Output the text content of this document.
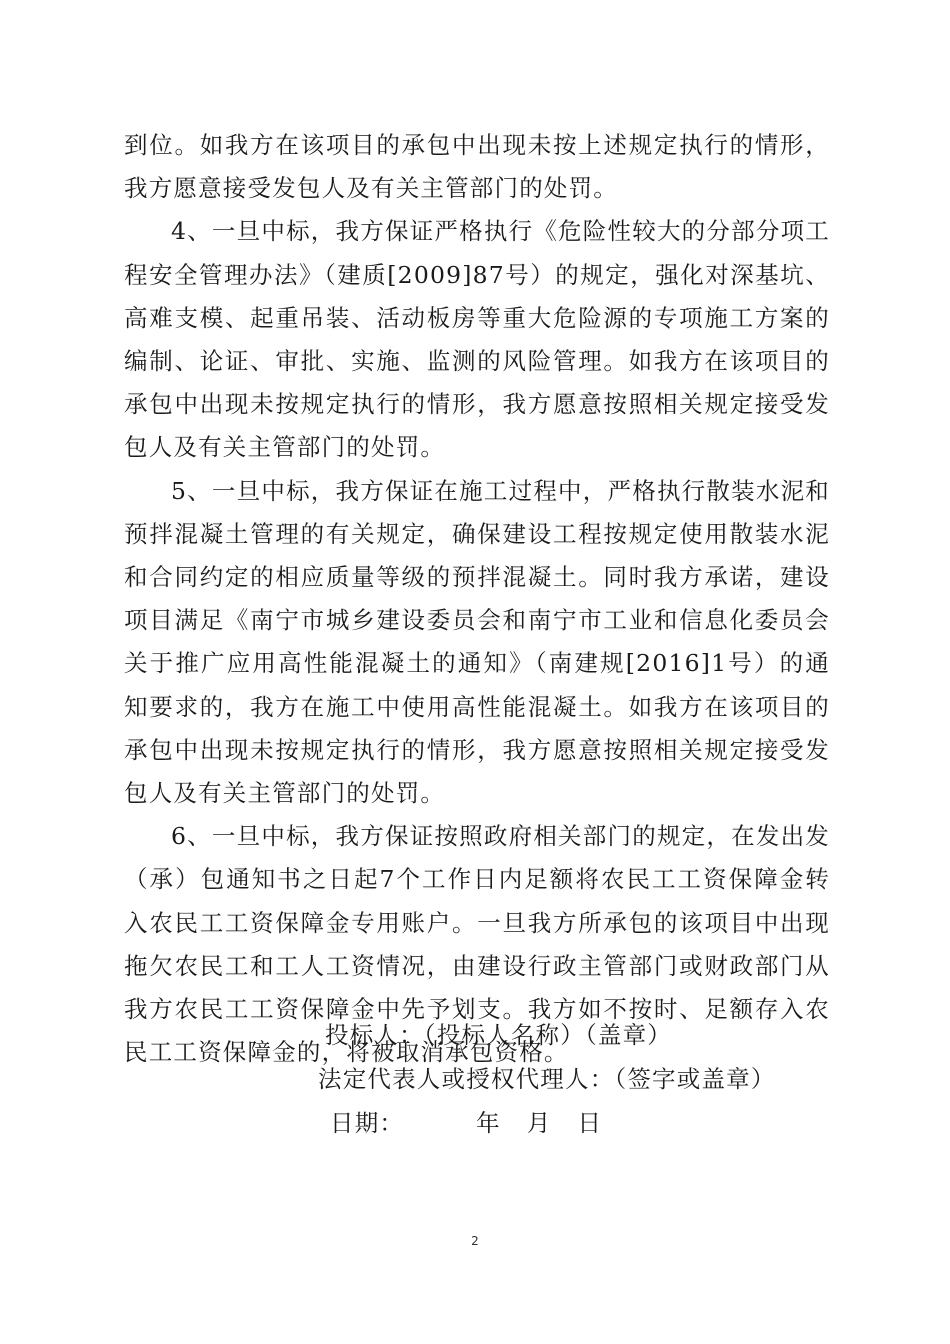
到位。如我方在该项目的承包中出现未按上述规定执行的情形，我方愿意接受发包人及有关主管部门的处罚。

4、一旦中标，我方保证严格执行《危险性较大的分部分项工程安全管理办法》（建质[2009]87号）的规定，强化对深基坑、高难支模、起重吊装、活动板房等重大危险源的专项施工方案的编制、论证、审批、实施、监测的风险管理。如我方在该项目的承包中出现未按规定执行的情形，我方愿意按照相关规定接受发包人及有关主管部门的处罚。

5、一旦中标，我方保证在施工过程中，严格执行散装水泥和预拌混凝土管理的有关规定，确保建设工程按规定使用散装水泥和合同约定的相应质量等级的预拌混凝土。同时我方承诺，建设项目满足《南宁市城乡建设委员会和南宁市工业和信息化委员会关于推广应用高性能混凝土的通知》（南建规[2016]1号）的通知要求的，我方在施工中使用高性能混凝土。如我方在该项目的承包中出现未按规定执行的情形，我方愿意按照相关规定接受发包人及有关主管部门的处罚。

6、一旦中标，我方保证按照政府相关部门的规定，在发出发（承）包通知书之日起7个工作日内足额将农民工工资保障金转入农民工工资保障金专用账户。一旦我方所承包的该项目中出现拖欠农民工和工人工资情况，由建设行政主管部门或财政部门从我方农民工工资保障金中先予划支。我方如不按时、足额存入农民工工资保障金的，将被取消承包资格。

投标人：（投标人名称）（盖章）
法定代表人或授权代理人：（签字或盖章）
日期：	年 月 日
2
